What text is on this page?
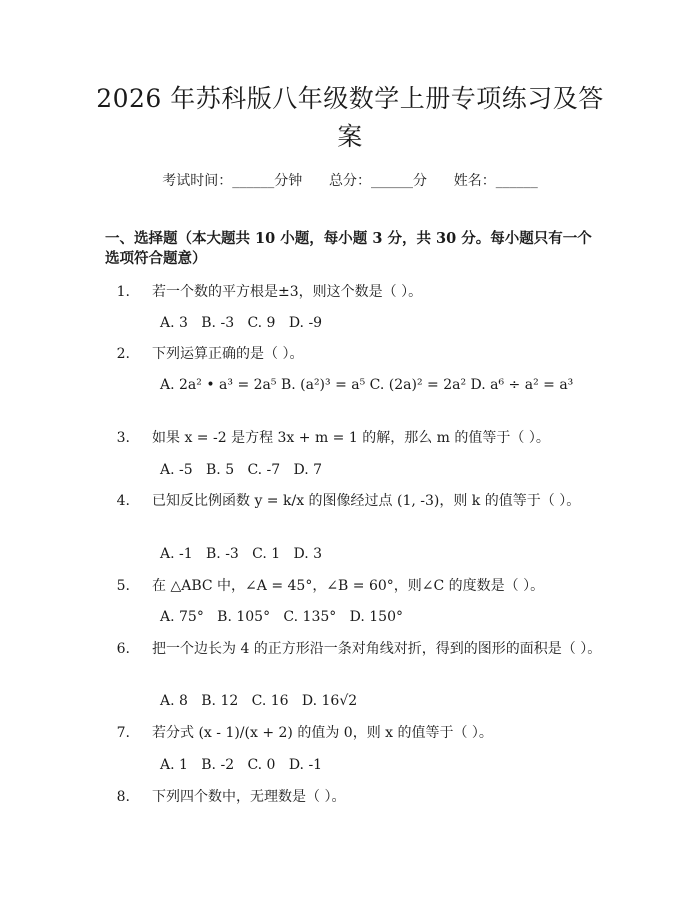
2026 年苏科版八年级数学上册专项练习及答案
考试时间：______分钟 总分：______分 姓名：______
一、选择题（本大题共 10 小题，每小题 3 分，共 30 分。每小题只有一个选项符合题意）
1. 若一个数的平方根是±3，则这个数是（ ）。
A. 3   B. -3   C. 9   D. -9
2. 下列运算正确的是（ ）。
A. 2a² • a³ = 2a⁵ B. (a²)³ = a⁵ C. (2a)² = 2a² D. a⁶ ÷ a² = a³
3. 如果 x = -2 是方程 3x + m = 1 的解，那么 m 的值等于（ ）。
A. -5   B. 5   C. -7   D. 7
4. 已知反比例函数 y = k/x 的图像经过点 (1, -3)，则 k 的值等于（ ）。
A. -1   B. -3   C. 1   D. 3
5. 在 △ABC 中，∠A = 45°，∠B = 60°，则∠C 的度数是（ ）。
A. 75°   B. 105°   C. 135°   D. 150°
6. 把一个边长为 4 的正方形沿一条对角线对折，得到的图形的面积是（ ）。
A. 8   B. 12   C. 16   D. 16√2
7. 若分式 (x - 1)/(x + 2) 的值为 0，则 x 的值等于（ ）。
A. 1   B. -2   C. 0   D. -1
8. 下列四个数中，无理数是（ ）。
